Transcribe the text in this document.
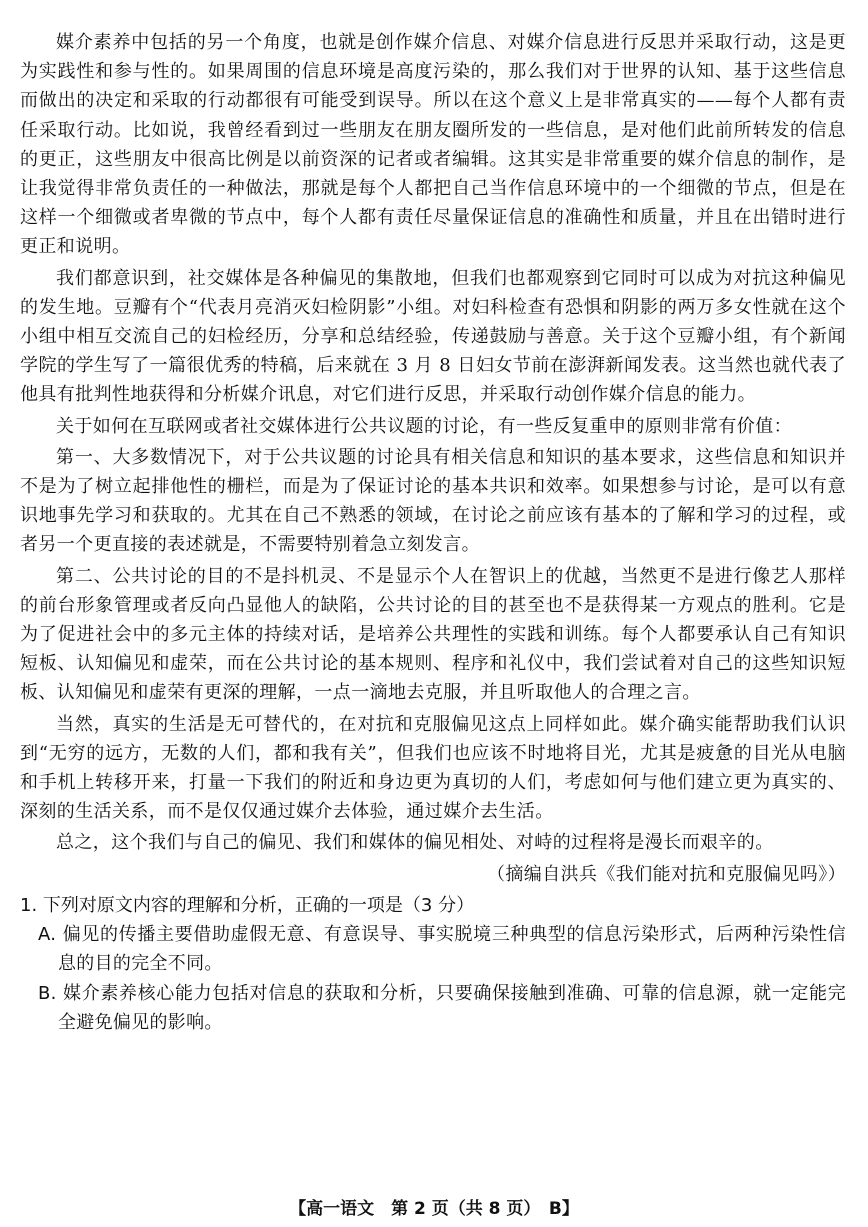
媒介素养中包括的另一个角度，也就是创作媒介信息、对媒介信息进行反思并采取行动，这是更为实践性和参与性的。如果周围的信息环境是高度污染的，那么我们对于世界的认知、基于这些信息而做出的决定和采取的行动都很有可能受到误导。所以在这个意义上是非常真实的——每个人都有责任采取行动。比如说，我曾经看到过一些朋友在朋友圈所发的一些信息，是对他们此前所转发的信息的更正，这些朋友中很高比例是以前资深的记者或者编辑。这其实是非常重要的媒介信息的制作，是让我觉得非常负责任的一种做法，那就是每个人都把自己当作信息环境中的一个细微的节点，但是在这样一个细微或者卑微的节点中，每个人都有责任尽量保证信息的准确性和质量，并且在出错时进行更正和说明。

我们都意识到，社交媒体是各种偏见的集散地，但我们也都观察到它同时可以成为对抗这种偏见的发生地。豆瓣有个“代表月亮消灭妇检阴影”小组。对妇科检查有恐惧和阴影的两万多女性就在这个小组中相互交流自己的妇检经历，分享和总结经验，传递鼓励与善意。关于这个豆瓣小组，有个新闻学院的学生写了一篇很优秀的特稿，后来就在 3 月 8 日妇女节前在澎湃新闻发表。这当然也就代表了他具有批判性地获得和分析媒介讯息，对它们进行反思，并采取行动创作媒介信息的能力。

关于如何在互联网或者社交媒体进行公共议题的讨论，有一些反复重申的原则非常有价值：

第一、大多数情况下，对于公共议题的讨论具有相关信息和知识的基本要求，这些信息和知识并不是为了树立起排他性的栅栏，而是为了保证讨论的基本共识和效率。如果想参与讨论，是可以有意识地事先学习和获取的。尤其在自己不熟悉的领域，在讨论之前应该有基本的了解和学习的过程，或者另一个更直接的表述就是，不需要特别着急立刻发言。

第二、公共讨论的目的不是抖机灵、不是显示个人在智识上的优越，当然更不是进行像艺人那样的前台形象管理或者反向凸显他人的缺陷，公共讨论的目的甚至也不是获得某一方观点的胜利。它是为了促进社会中的多元主体的持续对话，是培养公共理性的实践和训练。每个人都要承认自己有知识短板、认知偏见和虚荣，而在公共讨论的基本规则、程序和礼仪中，我们尝试着对自己的这些知识短板、认知偏见和虚荣有更深的理解，一点一滴地去克服，并且听取他人的合理之言。

当然，真实的生活是无可替代的，在对抗和克服偏见这点上同样如此。媒介确实能帮助我们认识到“无穷的远方，无数的人们，都和我有关”，但我们也应该不时地将目光，尤其是疲惫的目光从电脑和手机上转移开来，打量一下我们的附近和身边更为真切的人们，考虑如何与他们建立更为真实的、深刻的生活关系，而不是仅仅通过媒介去体验，通过媒介去生活。

总之，这个我们与自己的偏见、我们和媒体的偏见相处、对峙的过程将是漫长而艰辛的。

（摘编自洪兵《我们能对抗和克服偏见吗》）

1. 下列对原文内容的理解和分析，正确的一项是（3 分）

A. 偏见的传播主要借助虚假无意、有意误导、事实脱境三种典型的信息污染形式，后两种污染性信息的目的完全不同。

B. 媒介素养核心能力包括对信息的获取和分析，只要确保接触到准确、可靠的信息源，就一定能完全避免偏见的影响。

【高一语文　第 2 页（共 8 页）　B】
